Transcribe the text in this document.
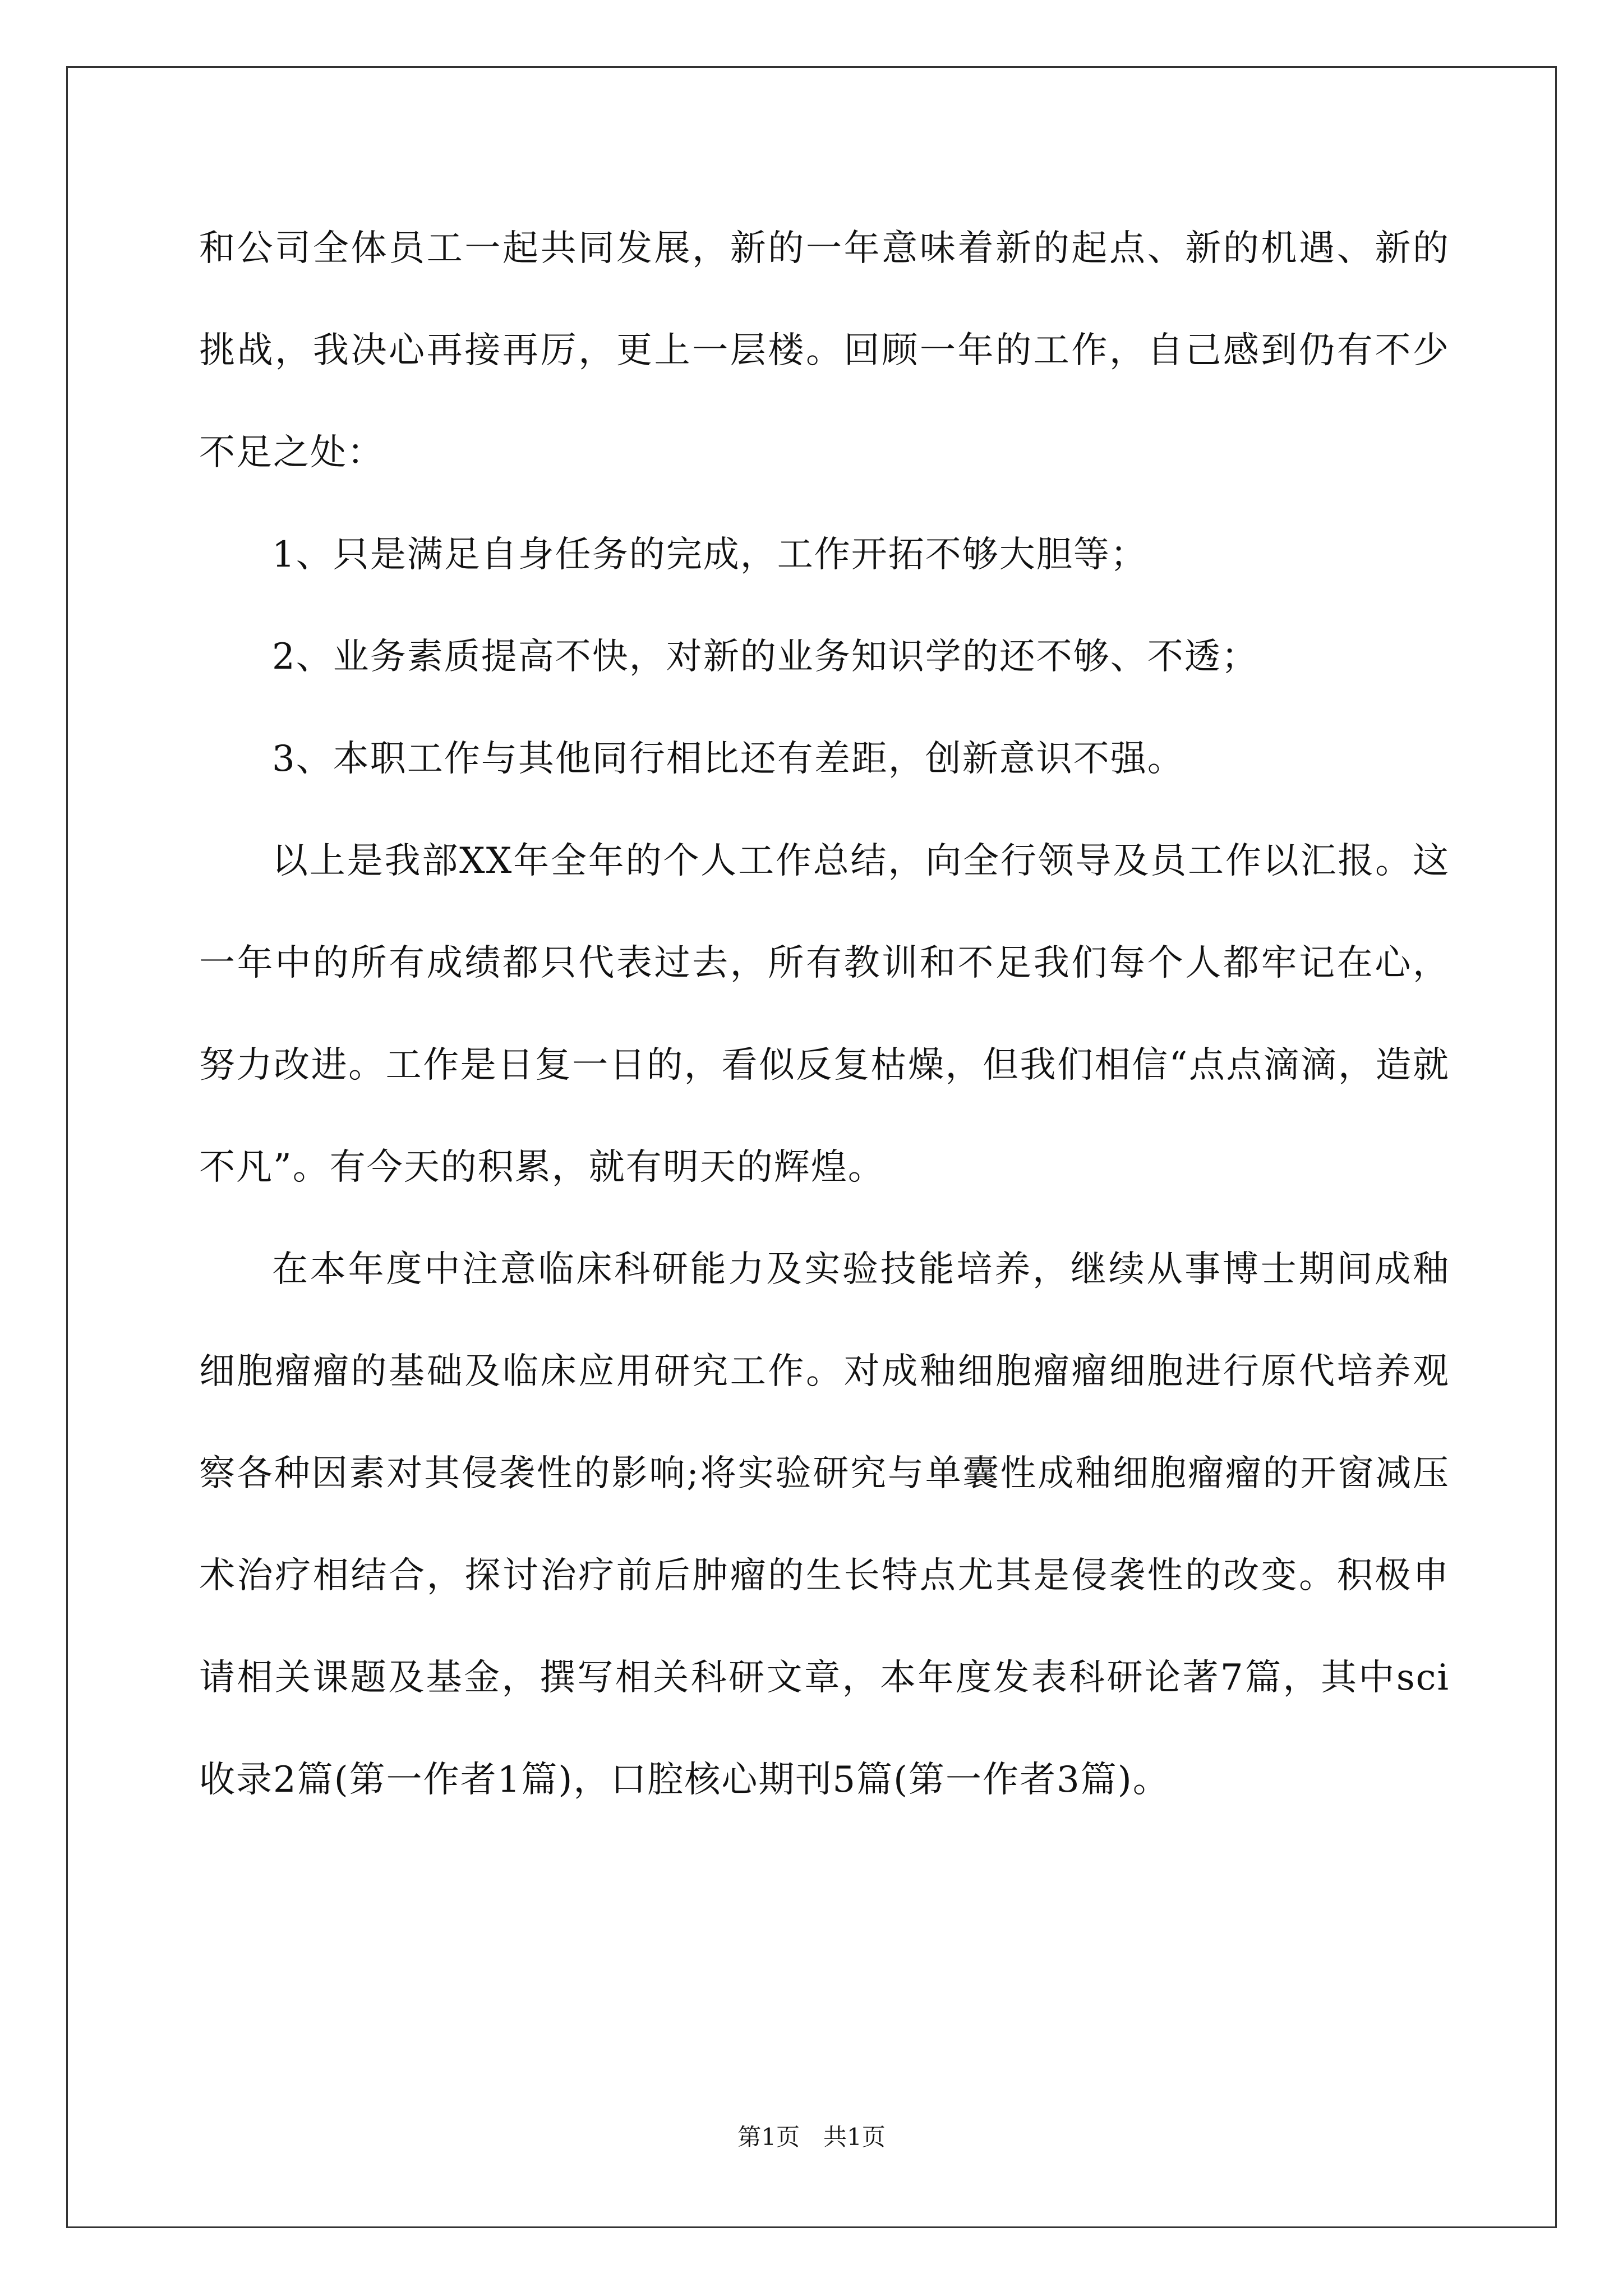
和公司全体员工一起共同发展，新的一年意味着新的起点、新的机遇、新的挑战，我决心再接再厉，更上一层楼。回顾一年的工作，自己感到仍有不少不足之处：

1、只是满足自身任务的完成，工作开拓不够大胆等；

2、业务素质提高不快，对新的业务知识学的还不够、不透；

3、本职工作与其他同行相比还有差距，创新意识不强。

以上是我部XX年全年的个人工作总结，向全行领导及员工作以汇报。这一年中的所有成绩都只代表过去，所有教训和不足我们每个人都牢记在心，努力改进。工作是日复一日的，看似反复枯燥，但我们相信“点点滴滴，造就不凡”。有今天的积累，就有明天的辉煌。

在本年度中注意临床科研能力及实验技能培养，继续从事博士期间成釉细胞瘤瘤的基础及临床应用研究工作。对成釉细胞瘤瘤细胞进行原代培养观察各种因素对其侵袭性的影响;将实验研究与单囊性成釉细胞瘤瘤的开窗减压术治疗相结合，探讨治疗前后肿瘤的生长特点尤其是侵袭性的改变。积极申请相关课题及基金，撰写相关科研文章，本年度发表科研论著7篇，其中sci收录2篇(第一作者1篇)，口腔核心期刊5篇(第一作者3篇)。

第1页　共1页
